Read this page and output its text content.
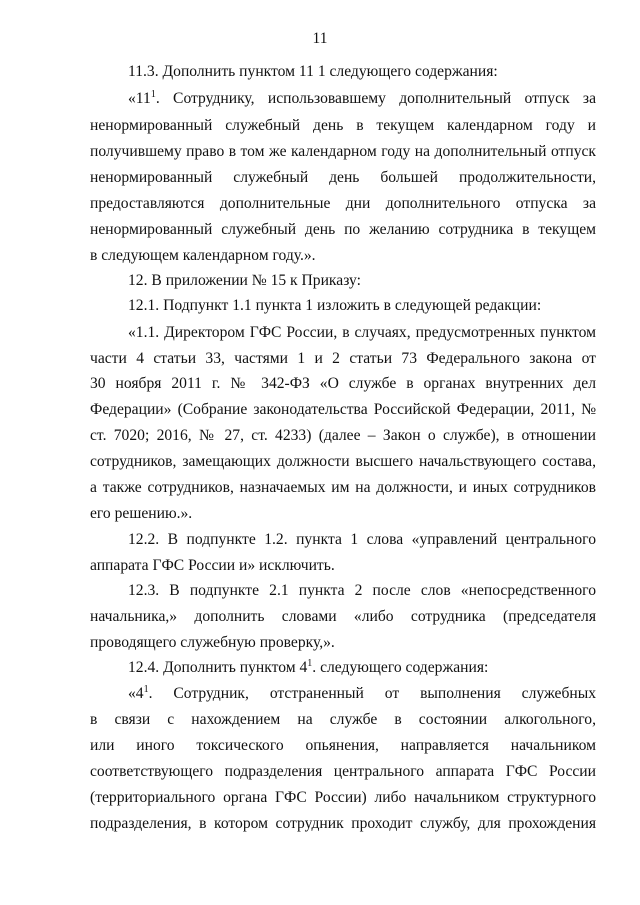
11
11.3. Дополнить пунктом 11 1 следующего содержания:
«$11^1$. Сотруднику, использовавшему дополнительный отпуск за
ненормированный служебный день в текущем календарном году и
получившему право в том же календарном году на дополнительный отпуск
ненормированный служебный день большей продолжительности,
предоставляются дополнительные дни дополнительного отпуска за
ненормированный служебный день по желанию сотрудника в текущем
в следующем календарном году.».
12. В приложении № 15 к Приказу:
12.1. Подпункт 1.1 пункта 1 изложить в следующей редакции:
«1.1. Директором ГФС России, в случаях, предусмотренных пунктом
части 4 статьи 33, частями 1 и 2 статьи 73 Федерального закона от
30 ноября 2011 г. № 342-ФЗ «О службе в органах внутренних дел
Федерации» (Собрание законодательства Российской Федерации, 2011, №
ст. 7020; 2016, № 27, ст. 4233) (далее – Закон о службе), в отношении
сотрудников, замещающих должности высшего начальствующего состава,
а также сотрудников, назначаемых им на должности, и иных сотрудников
его решению.».
12.2. В подпункте 1.2. пункта 1 слова «управлений центрального
аппарата ГФС России и» исключить.
12.3. В подпункте 2.1 пункта 2 после слов «непосредственного
начальника,» дополнить словами «либо сотрудника (председателя
проводящего служебную проверку,».
12.4. Дополнить пунктом $4^1$. следующего содержания:
«$4^1$. Сотрудник, отстраненный от выполнения служебных
в связи с нахождением на службе в состоянии алкогольного,
или иного токсического опьянения, направляется начальником
соответствующего подразделения центрального аппарата ГФС России
(территориального органа ГФС России) либо начальником структурного
подразделения, в котором сотрудник проходит службу, для прохождения
